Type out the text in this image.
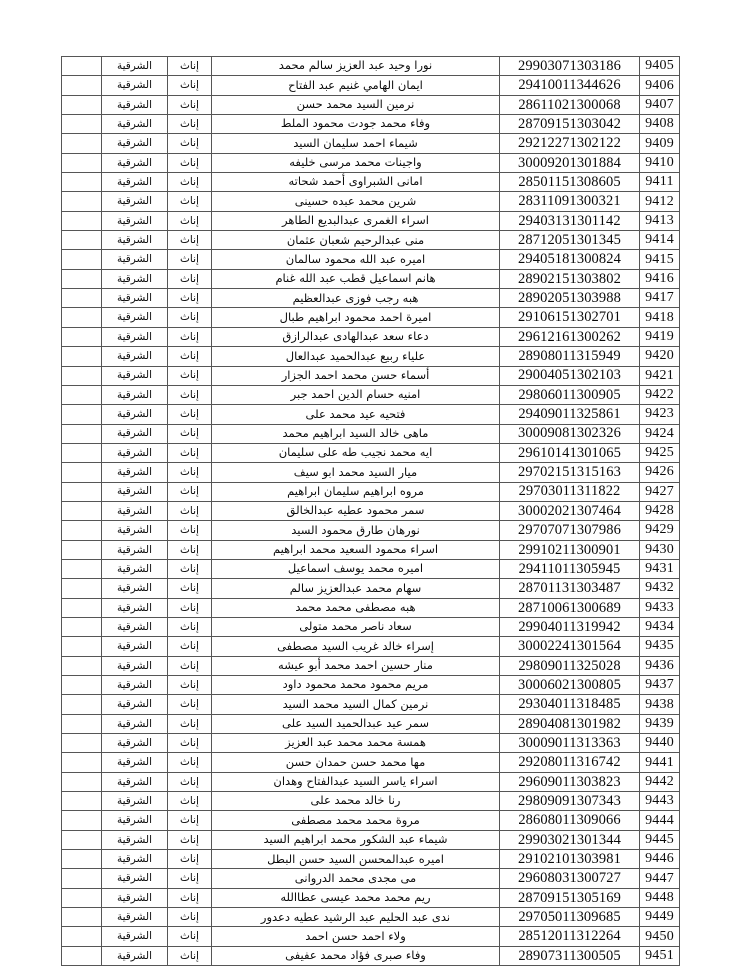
9405	29903071303186	نورا وحيد عبد العزيز سالم محمد	إناث	الشرقية	
9406	29410011344626	ايمان الهامي غنيم عبد الفتاح	إناث	الشرقية	
9407	28611021300068	نرمين السيد محمد حسن	إناث	الشرقية	
9408	28709151303042	وفاء محمد جودت محمود الملط	إناث	الشرقية	
9409	29212271302122	شيماء احمد سليمان السيد	إناث	الشرقية	
9410	30009201301884	واجينات محمد مرسى خليفه	إناث	الشرقية	
9411	28501151308605	امانى الشبراوى أحمد شحاته	إناث	الشرقية	
9412	28311091300321	شرين محمد عبده حسينى	إناث	الشرقية	
9413	29403131301142	اسراء الغمرى عبدالبديع الطاهر	إناث	الشرقية	
9414	28712051301345	منى عبدالرحيم شعبان عثمان	إناث	الشرقية	
9415	29405181300824	اميره عبد الله محمود سالمان	إناث	الشرقية	
9416	28902151303802	هانم اسماعيل قطب عبد الله غنام	إناث	الشرقية	
9417	28902051303988	هبه رجب فوزى عبدالعظيم	إناث	الشرقية	
9418	29106151302701	اميرة احمد محمود ابراهيم طبال	إناث	الشرقية	
9419	29612161300262	دعاء سعد عبدالهادى عبدالرازق	إناث	الشرقية	
9420	28908011315949	علياء ربيع عبدالحميد عبدالعال	إناث	الشرقية	
9421	29004051302103	أسماء حسن محمد احمد الجزار	إناث	الشرقية	
9422	29806011300905	امنيه حسام الدين احمد جبر	إناث	الشرقية	
9423	29409011325861	فتحيه عيد محمد على	إناث	الشرقية	
9424	30009081302326	ماهى خالد السيد ابراهيم محمد	إناث	الشرقية	
9425	29610141301065	ايه محمد نجيب طه على سليمان	إناث	الشرقية	
9426	29702151315163	ميار السيد محمد ابو سيف	إناث	الشرقية	
9427	29703011311822	مروه ابراهيم سليمان ابراهيم	إناث	الشرقية	
9428	30002021307464	سمر محمود عطيه عبدالخالق	إناث	الشرقية	
9429	29707071307986	نورهان طارق محمود السيد	إناث	الشرقية	
9430	29910211300901	اسراء محمود السعيد محمد ابراهيم	إناث	الشرقية	
9431	29411011305945	اميره محمد يوسف اسماعيل	إناث	الشرقية	
9432	28701131303487	سهام محمد عبدالعزيز سالم	إناث	الشرقية	
9433	28710061300689	هبه مصطفى محمد محمد	إناث	الشرقية	
9434	29904011319942	سعاد ناصر محمد متولى	إناث	الشرقية	
9435	30002241301564	إسراء خالد غريب السيد مصطفى	إناث	الشرقية	
9436	29809011325028	منار حسين احمد محمد أبو عيشه	إناث	الشرقية	
9437	30006021300805	مريم محمود محمد محمود داود	إناث	الشرقية	
9438	29304011318485	نرمين كمال السيد محمد السيد	إناث	الشرقية	
9439	28904081301982	سمر عيد عبدالحميد السيد على	إناث	الشرقية	
9440	30009011313363	همسة محمد محمد عبد العزيز	إناث	الشرقية	
9441	29208011316742	مها محمد حسن حمدان حسن	إناث	الشرقية	
9442	29609011303823	اسراء ياسر السيد عبدالفتاح وهدان	إناث	الشرقية	
9443	29809091307343	رنا خالد محمد على	إناث	الشرقية	
9444	28608011309066	مروة محمد محمد مصطفى	إناث	الشرقية	
9445	29903021301344	شيماء عبد الشكور محمد ابراهيم السيد	إناث	الشرقية	
9446	29102101303981	اميره عبدالمحسن السيد حسن البطل	إناث	الشرقية	
9447	29608031300727	مى مجدى محمد الدروانى	إناث	الشرقية	
9448	28709151305169	ريم محمد محمد عيسى عطاالله	إناث	الشرقية	
9449	29705011309685	ندى عبد الحليم عبد الرشيد عطيه دعدور	إناث	الشرقية	
9450	28512011312264	ولاء احمد حسن احمد	إناث	الشرقية	
9451	28907311300505	وفاء صبرى فؤاد محمد عفيفى	إناث	الشرقية	
